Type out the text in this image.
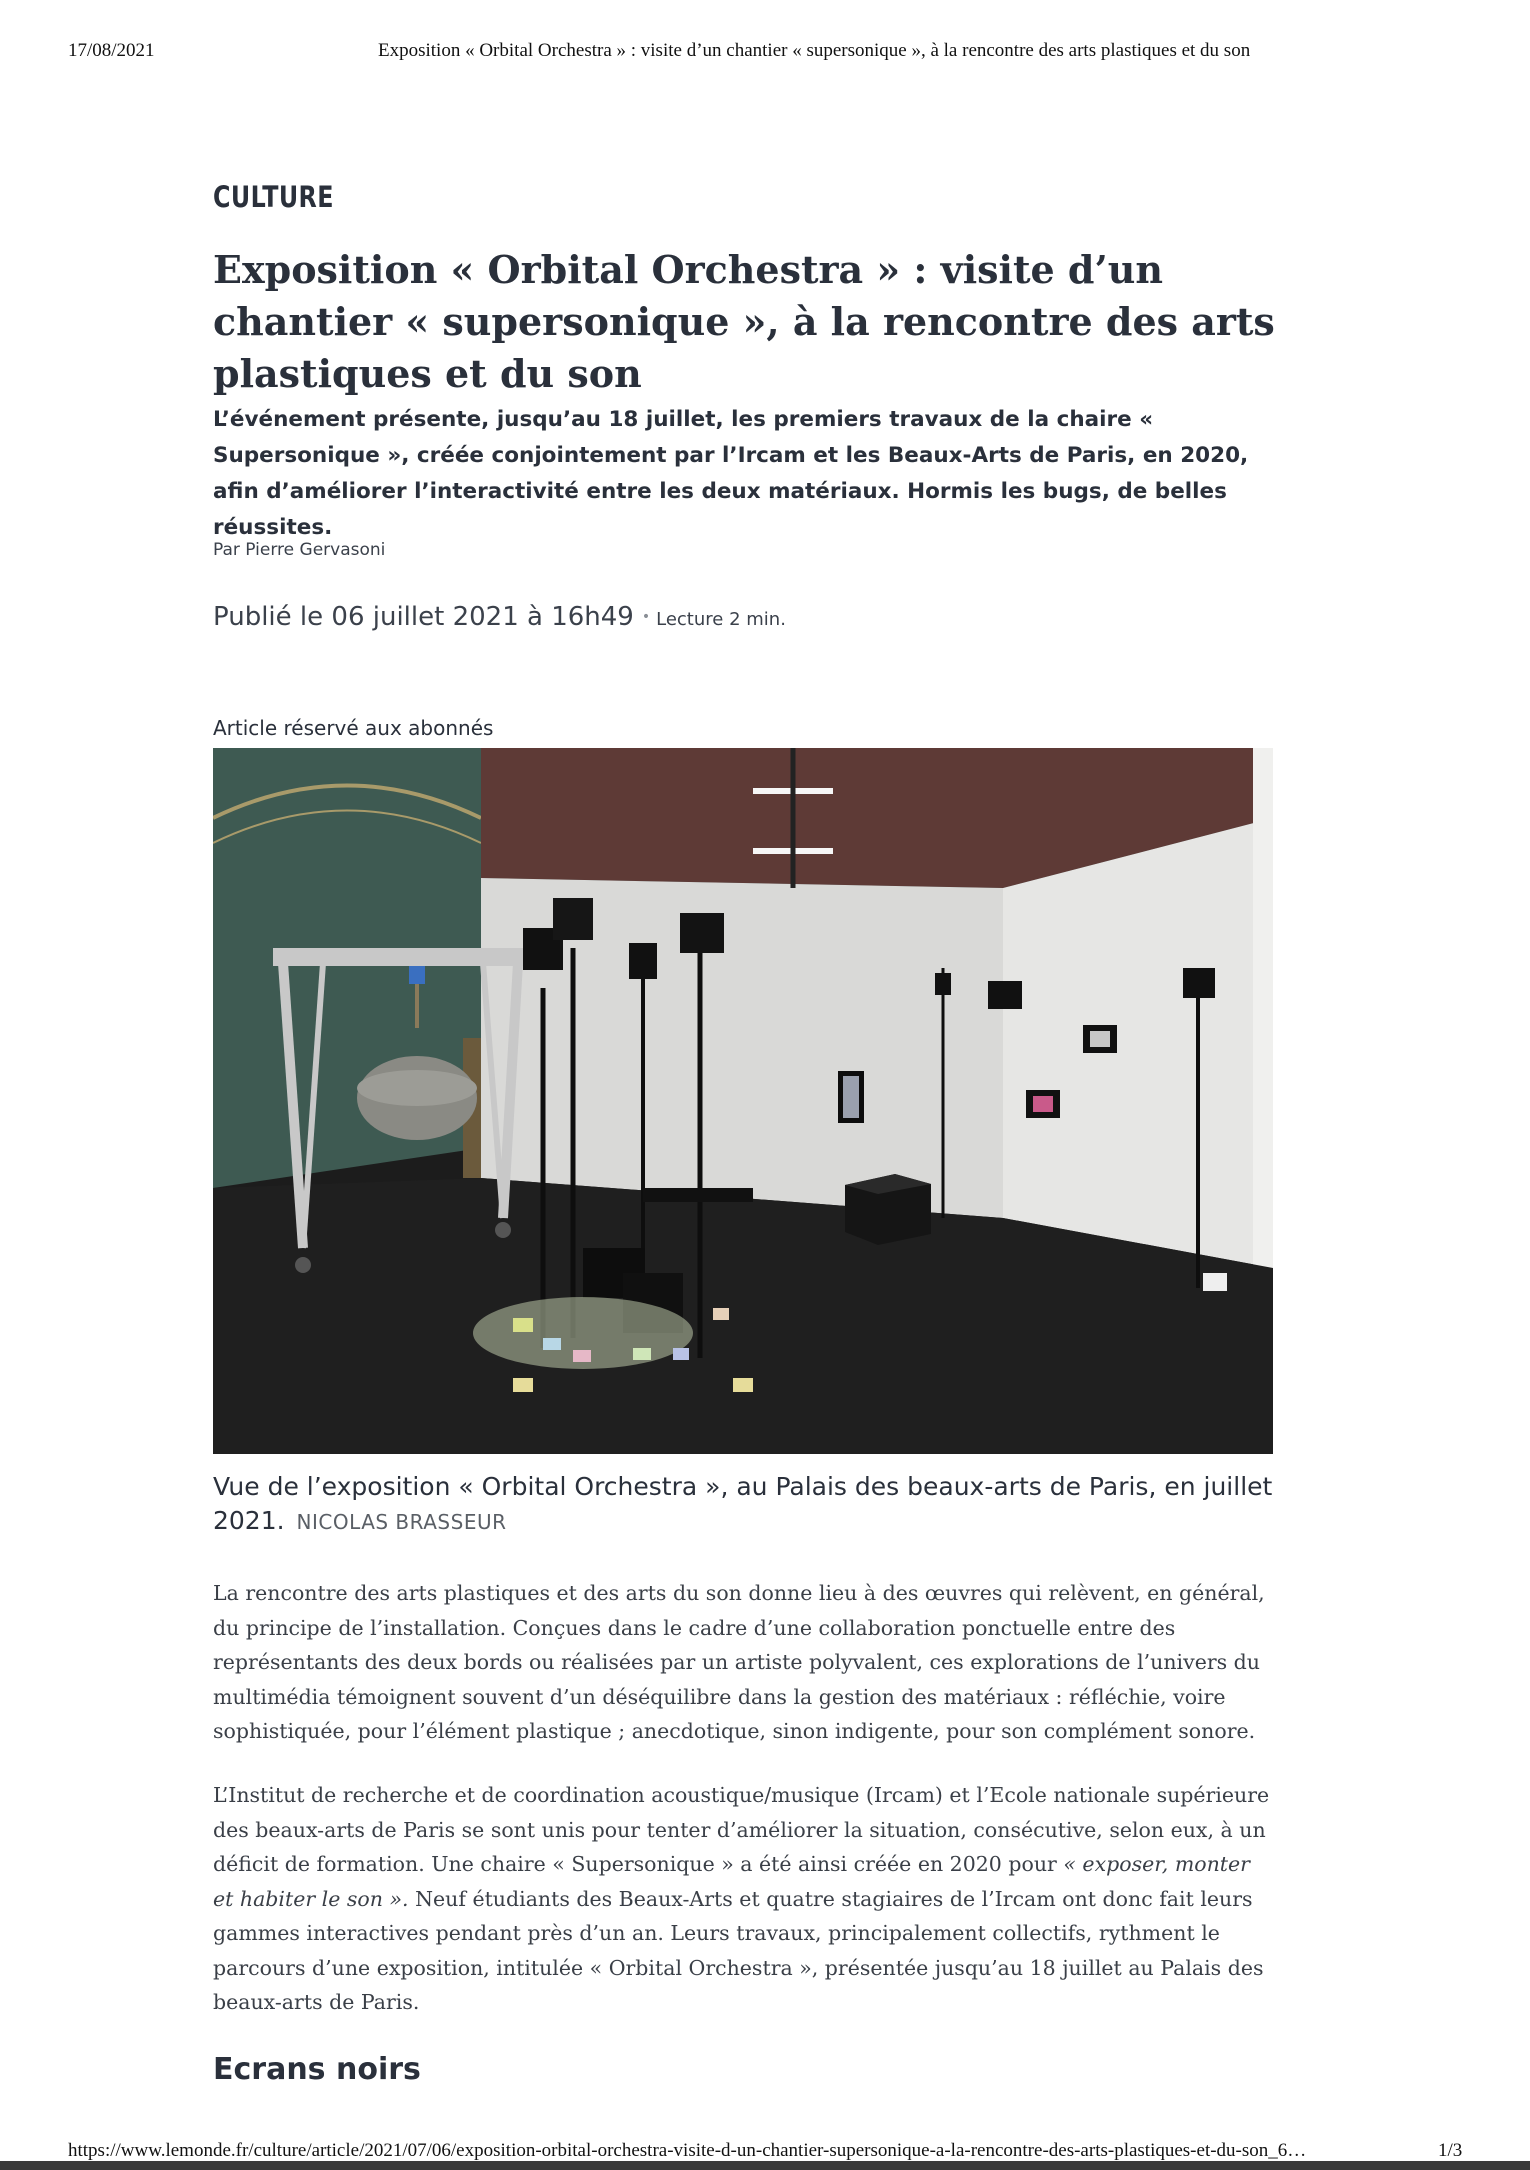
17/08/2021	Exposition « Orbital Orchestra » : visite d’un chantier « supersonique », à la rencontre des arts plastiques et du son
CULTURE
Exposition « Orbital Orchestra » : visite d’un chantier « supersonique », à la rencontre des arts plastiques et du son

L’événement présente, jusqu’au 18 juillet, les premiers travaux de la chaire « Supersonique », créée conjointement par l’Ircam et les Beaux-Arts de Paris, en 2020, afin d’améliorer l’interactivité entre les deux matériaux. Hormis les bugs, de belles réussites.

Par Pierre Gervasoni
Publié le 06 juillet 2021 à 16h49 • Lecture 2 min.
Article réservé aux abonnés

Vue de l’exposition « Orbital Orchestra », au Palais des beaux-arts de Paris, en juillet 2021. NICOLAS BRASSEUR

La rencontre des arts plastiques et des arts du son donne lieu à des œuvres qui relèvent, en général, du principe de l’installation. Conçues dans le cadre d’une collaboration ponctuelle entre des représentants des deux bords ou réalisées par un artiste polyvalent, ces explorations de l’univers du multimédia témoignent souvent d’un déséquilibre dans la gestion des matériaux : réfléchie, voire sophistiquée, pour l’élément plastique ; anecdotique, sinon indigente, pour son complément sonore.

L’Institut de recherche et de coordination acoustique/musique (Ircam) et l’Ecole nationale supérieure des beaux-arts de Paris se sont unis pour tenter d’améliorer la situation, consécutive, selon eux, à un déficit de formation. Une chaire « Supersonique » a été ainsi créée en 2020 pour « exposer, monter et habiter le son ». Neuf étudiants des Beaux-Arts et quatre stagiaires de l’Ircam ont donc fait leurs gammes interactives pendant près d’un an. Leurs travaux, principalement collectifs, rythment le parcours d’une exposition, intitulée « Orbital Orchestra », présentée jusqu’au 18 juillet au Palais des beaux-arts de Paris.

Ecrans noirs
https://www.lemonde.fr/culture/article/2021/07/06/exposition-orbital-orchestra-visite-d-un-chantier-supersonique-a-la-rencontre-des-arts-plastiques-et-du-son_6…	1/3
